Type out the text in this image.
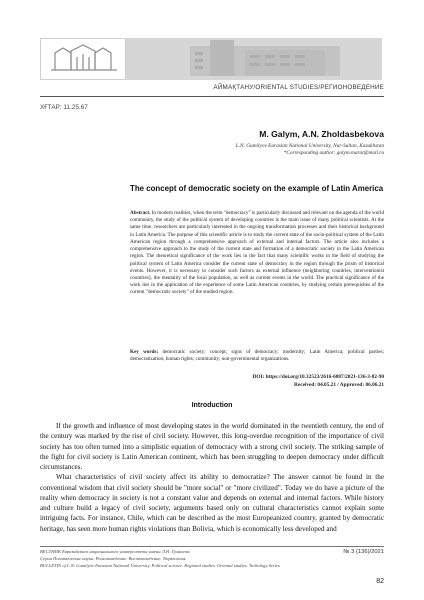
АЙМАҚТАНУ/ORIENTAL STUDIES/РЕГИОНОВЕДЕНИЕ
ХҒТАР: 11.25.67
M. Galym, A.N. Zholdasbekova
L.N. Gumilyov Eurasian National University, Nur-Sultan, Kazakhstan
*Corresponding author: galym.marat@mail.ru
The concept of democratic society on the example of Latin America
Abstract. In modern realities, when the term "democracy" is particularly discussed and relevant on the agenda of the world community, the study of the political system of developing countries is the main issue of many political scientists. At the same time, researchers are particularly interested in the ongoing transformation processes and their historical background in Latin America. The purpose of this scientific article is to study the current state of the socio-political system of the Latin American region through a comprehensive approach of external and internal factors. The article also includes a comprehensive approach to the study of the current state and formation of a democratic society in the Latin American region. The theoretical significance of the work lies in the fact that many scientific works in the field of studying the political system of Latin America consider the current state of democracy in the region through the prism of historical events. However, it is necessary to consider such factors as external influence (neighboring countries, interventionist countries), the mentality of the local population, as well as current events in the world. The practical significance of the work lies in the application of the experience of some Latin American countries, by studying certain prerequisites of the current "democratic society" of the studied region.
Key words: democratic society; concept; signs of democracy; modernity; Latin America; political parties; democratization; human rights; community; non-governmental organizations.
DOI: https://doi.org/10.32523/2616-6887/2021-136-3-82-90
Received: 04.05.21 / Approved: 06.06.21
Introduction

If the growth and influence of most developing states in the world dominated in the twentieth century, the end of the century was marked by the rise of civil society. However, this long-overdue recognition of the importance of civil society has too often turned into a simplistic equation of democracy with a strong civil society. The striking sample of the fight for civil society is Latin American continent, which has been struggling to deepen democracy under difficult circumstances.

What characteristics of civil society affect its ability to democratize? The answer cannot be found in the conventional wisdom that civil society should be "more social" or "more civilized". Today we do have a picture of the reality when democracy in society is not a constant value and depends on external and internal factors. While history and culture build a legacy of civil society, arguments based only on cultural characteristics cannot explain some intriguing facts. For instance, Chile, which can be described as the most Europeanized country, granted by democratic heritage, has seen more human rights violations than Bolivia, which is economically less developed and

ВЕСТНИК Евразийского национального университета имени Л.Н. Гумилева.
Серия Политические науки. Регионоведение. Востоковедение. Тюркология.
BULLETIN of L.N. Gumilyov Eurasian National University. Political science. Regional studies. Oriental studies. Turkology Series
№ 3 (136)/2021
82
